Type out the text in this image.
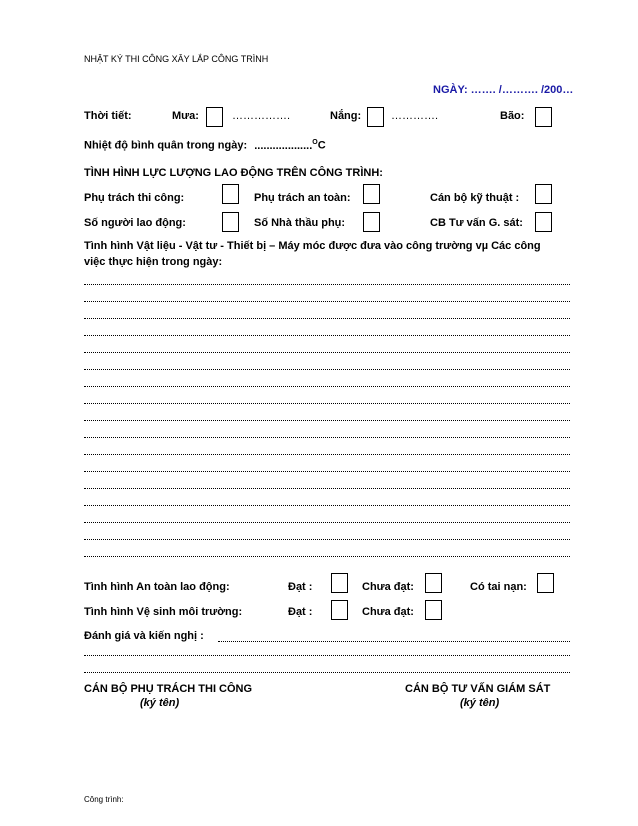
NHẬT KÝ THI CÔNG XÂY LẮP CÔNG TRÌNH
NGÀY: ……. /………. /200…
Thời tiết:	Mưa:	…………….	Nắng:	………….	Bão:
Nhiệt độ bình quân trong ngày: ...................$^O$C
TÌNH HÌNH LỰC LƯỢNG LAO ĐỘNG TRÊN CÔNG TRÌNH:
Phụ trách thi công:	Phụ trách an toàn:	Cán bộ kỹ thuật :
Số người lao động:	Số Nhà thầu phụ:	CB Tư vấn G. sát:
Tình hình Vật liệu - Vật tư - Thiết bị – Máy móc được đưa vào công trường vµ Các công
việc thực hiện trong ngày:
Tình hình An toàn lao động:	Đạt :	Chưa đạt:	Có tai nạn:
Tình hình Vệ sinh môi trường:	Đạt :	Chưa đạt:
Đánh giá và kiến nghị :
CÁN BỘ PHỤ TRÁCH THI CÔNG
(ký tên)
CÁN BỘ TƯ VẤN GIÁM SÁT
(ký tên)
Công trình:
